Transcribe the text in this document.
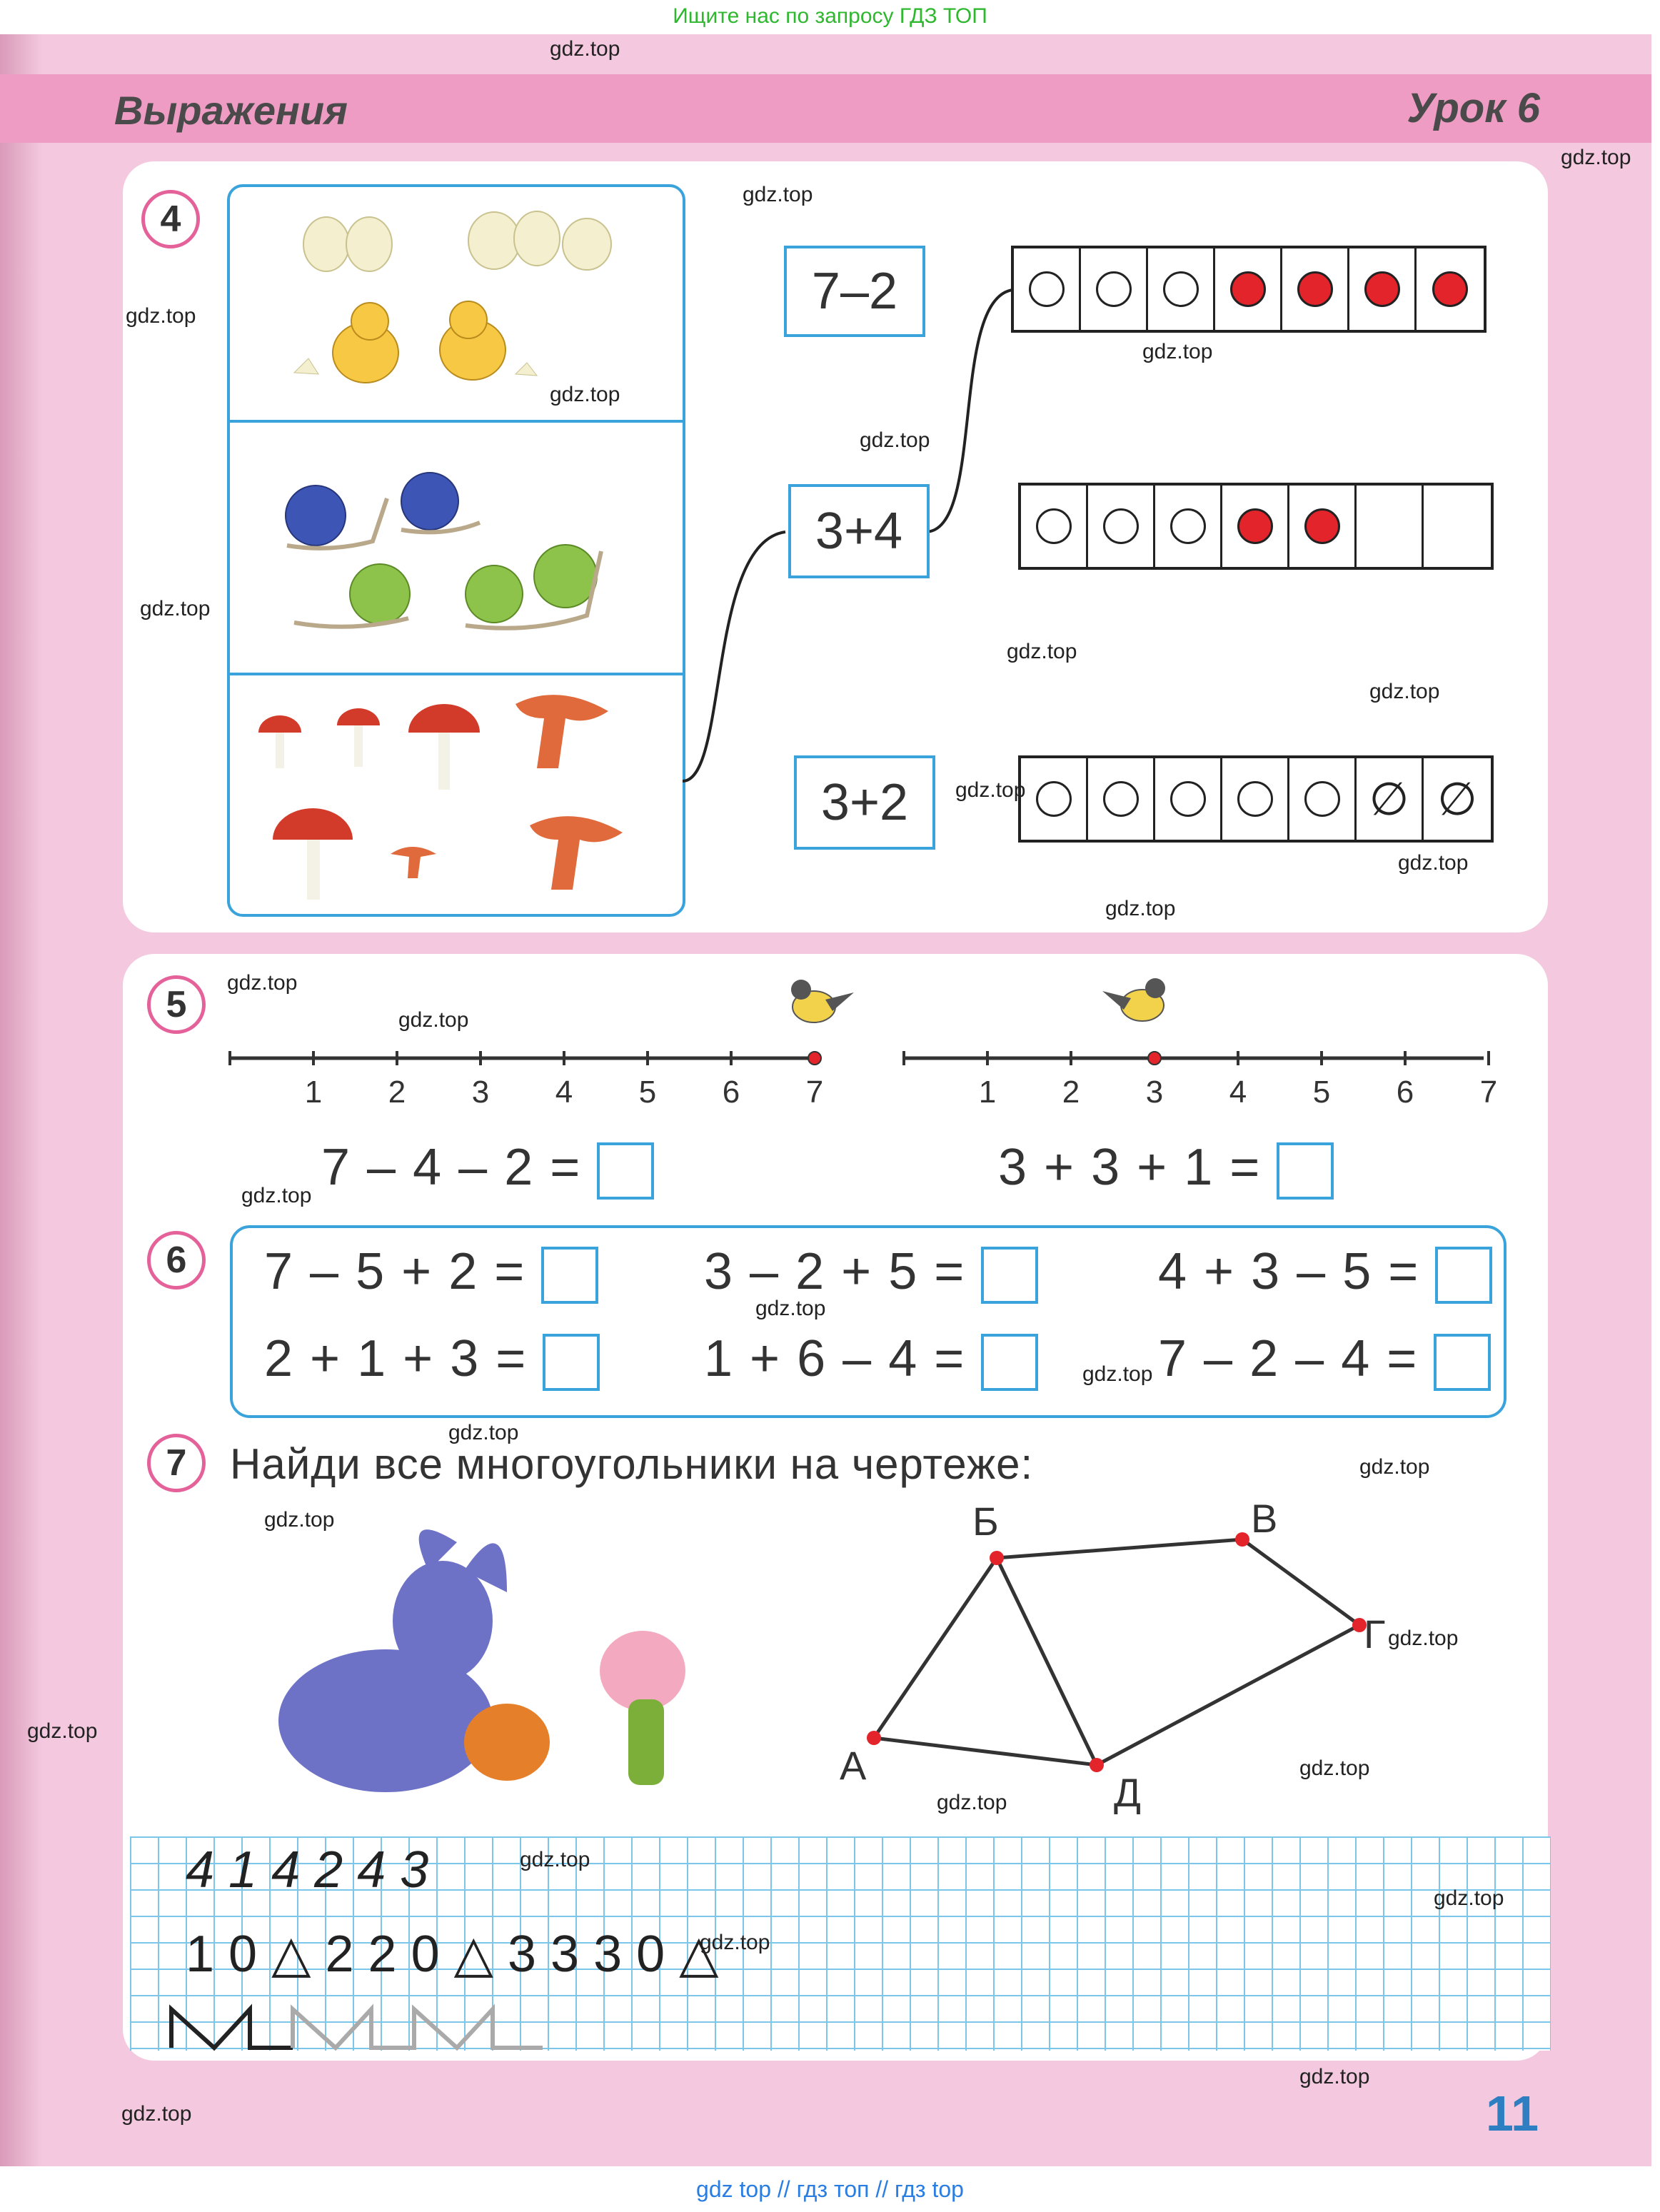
Ищите нас по запросу ГДЗ ТОП
Выражения	Урок 6
4
7–2
3+4
3+2	∅ ∅
5
1 2 3 4 5 6 7	1 2 3 4 5 6 7
7 – 4 – 2 =	3 + 3 + 1 =
6	7 – 5 + 2 =	3 – 2 + 5 =	4 + 3 – 5 =
2 + 1 + 3 =	1 + 6 – 4 =	7 – 2 – 4 =
7	Найди все многоугольники на чертеже:
А
Б	В
Г
Д
4 1 4 2 4 3
1 0 △ 2 2 0 △ 3 3 3 0 △
11
gdz top // гдз топ // гдз top
gdz.top
gdz.top
gdz.top
gdz.top
gdz.top
gdz.top
gdz.top
gdz.top
gdz.top
gdz.top
gdz.top
gdz.top
gdz.top
gdz.top
gdz.top
gdz.top
gdz.top
gdz.top
gdz.top
gdz.top
gdz.top
gdz.top
gdz.top
gdz.top
gdz.top
gdz.top
gdz.top
gdz.top
gdz.top
gdz.top
